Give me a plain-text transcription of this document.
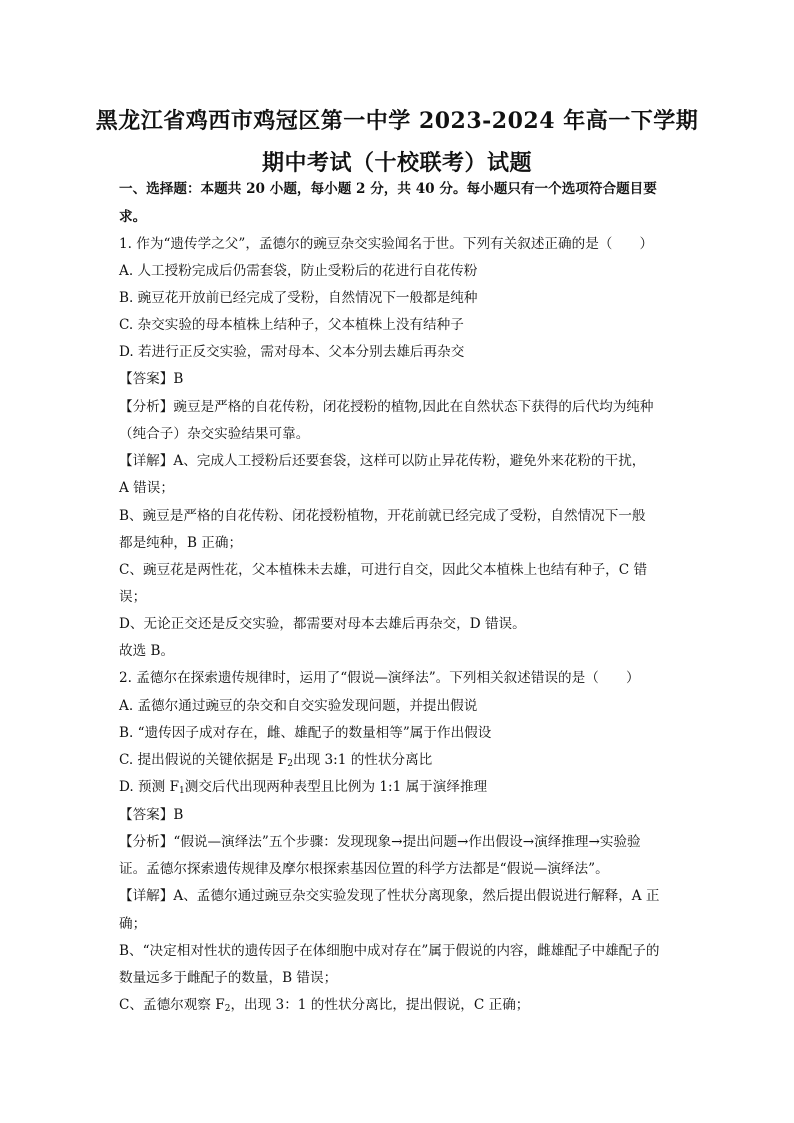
黑龙江省鸡西市鸡冠区第一中学 2023-2024 年高一下学期
期中考试（十校联考）试题
一、选择题：本题共 20 小题，每小题 2 分，共 40 分。每小题只有一个选项符合题目要
求。
1. 作为“遗传学之父”，孟德尔的豌豆杂交实验闻名于世。下列有关叙述正确的是（　　）
A. 人工授粉完成后仍需套袋，防止受粉后的花进行自花传粉
B. 豌豆花开放前已经完成了受粉，自然情况下一般都是纯种
C. 杂交实验的母本植株上结种子，父本植株上没有结种子
D. 若进行正反交实验，需对母本、父本分别去雄后再杂交
【答案】B
【分析】豌豆是严格的自花传粉，闭花授粉的植物,因此在自然状态下获得的后代均为纯种
（纯合子）杂交实验结果可靠。
【详解】A、完成人工授粉后还要套袋，这样可以防止异花传粉，避免外来花粉的干扰，
A 错误；
B、豌豆是严格的自花传粉、闭花授粉植物，开花前就已经完成了受粉，自然情况下一般
都是纯种，B 正确；
C、豌豆花是两性花，父本植株未去雄，可进行自交，因此父本植株上也结有种子，C 错
误；
D、无论正交还是反交实验，都需要对母本去雄后再杂交，D 错误。
故选 B。
2. 孟德尔在探索遗传规律时，运用了“假说—演绎法”。下列相关叙述错误的是（　　）
A. 孟德尔通过豌豆的杂交和自交实验发现问题，并提出假说
B. “遗传因子成对存在，雌、雄配子的数量相等”属于作出假设
C. 提出假说的关键依据是 $F_2$出现 3:1 的性状分离比
D. 预测 $F_1$测交后代出现两种表型且比例为 1:1 属于演绎推理
【答案】B
【分析】“假说—演绎法”五个步骤：发现现象→提出问题→作出假设→演绎推理→实验验
证。孟德尔探索遗传规律及摩尔根探索基因位置的科学方法都是“假说—演绎法”。
【详解】A、孟德尔通过豌豆杂交实验发现了性状分离现象，然后提出假说进行解释，A 正
确；
B、“决定相对性状的遗传因子在体细胞中成对存在”属于假说的内容，雌雄配子中雄配子的
数量远多于雌配子的数量，B 错误；
C、孟德尔观察 $F_2$，出现 3：1 的性状分离比，提出假说，C 正确；
